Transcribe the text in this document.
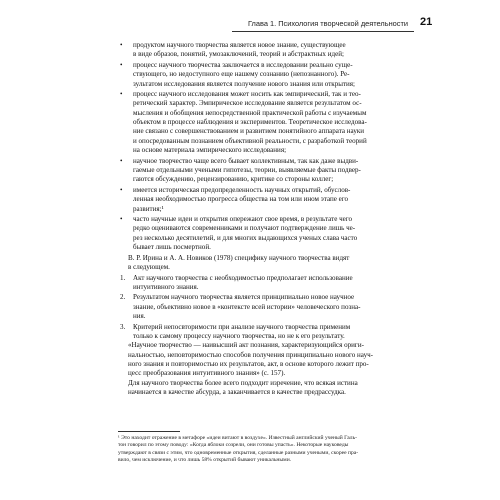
Глава 1. Психология творческой деятельности 21
• продуктом научного творчества является новое знание, существующее
в виде образов, понятий, умозаключений, теорий и абстрактных идей;
• процесс научного творчества заключается в исследовании реально суще-
ствующего, но недоступного еще нашему сознанию (непознанного). Ре-
зультатом исследования является получение нового знания или открытия;
• процесс научного исследования может носить как эмпирический, так и тео-
ретический характер. Эмпирическое исследование является результатом ос-
мысления и обобщения непосредственной практической работы с изучаемым
объектом в процессе наблюдения и экспериментов. Теоретическое исследова-
ние связано с совершенствованием и развитием понятийного аппарата науки
и опосредованным познанием объективной реальности, с разработкой теорий
на основе материала эмпирического исследования;
• научное творчество чаще всего бывает коллективным, так как даже выдви-
гаемые отдельными учеными гипотезы, теории, выявляемые факты подвер-
гаются обсуждению, рецензированию, критике со стороны коллег;
• имеется историческая предопределенность научных открытий, обуслов-
ленная необходимостью прогресса общества на том или ином этапе его
развития;¹
• часто научные идеи и открытия опережают свое время, в результате чего
редко оцениваются современниками и получают подтверждение лишь че-
рез несколько десятилетий, и для многих выдающихся ученых слава часто
бывает лишь посмертной.

В. Р. Ирина и А. А. Новиков (1978) специфику научного творчества видят
в следующем.

1. Акт научного творчества с необходимостью предполагает использование
интуитивного знания.
2. Результатом научного творчества является принципиально новое научное
знание, объективно новое в «контексте всей истории» человеческого позна-
ния.
3. Критерий непосвторимости при анализе научного творчества применим
только к самому процессу научного творчества, но не к его результату.

«Научное творчество — наивысший акт познания, характеризующийся ориги-
нальностью, неповторимостью способов получения принципиально нового науч-
ного знания и повторимостью их результатов, акт, в основе которого лежит про-
цесс преобразования интуитивного знания» (с. 157).

Для научного творчества более всего подходит изречение, что всякая истина
начинается в качестве абсурда, а заканчивается в качестве предрассудка.

¹ Это находит отражение в метафоре «идеи витают в воздухе». Известный английский ученый Галь-
тон говорил по этому поводу: «Когда яблоки созрели, они готовы упасть». Некоторые науковеды
утверждают в связи с этим, что одновременные открытия, сделанные разными учеными, скорее пра-
вило, чем исключение, и что лишь 58% открытий бывают уникальными.
